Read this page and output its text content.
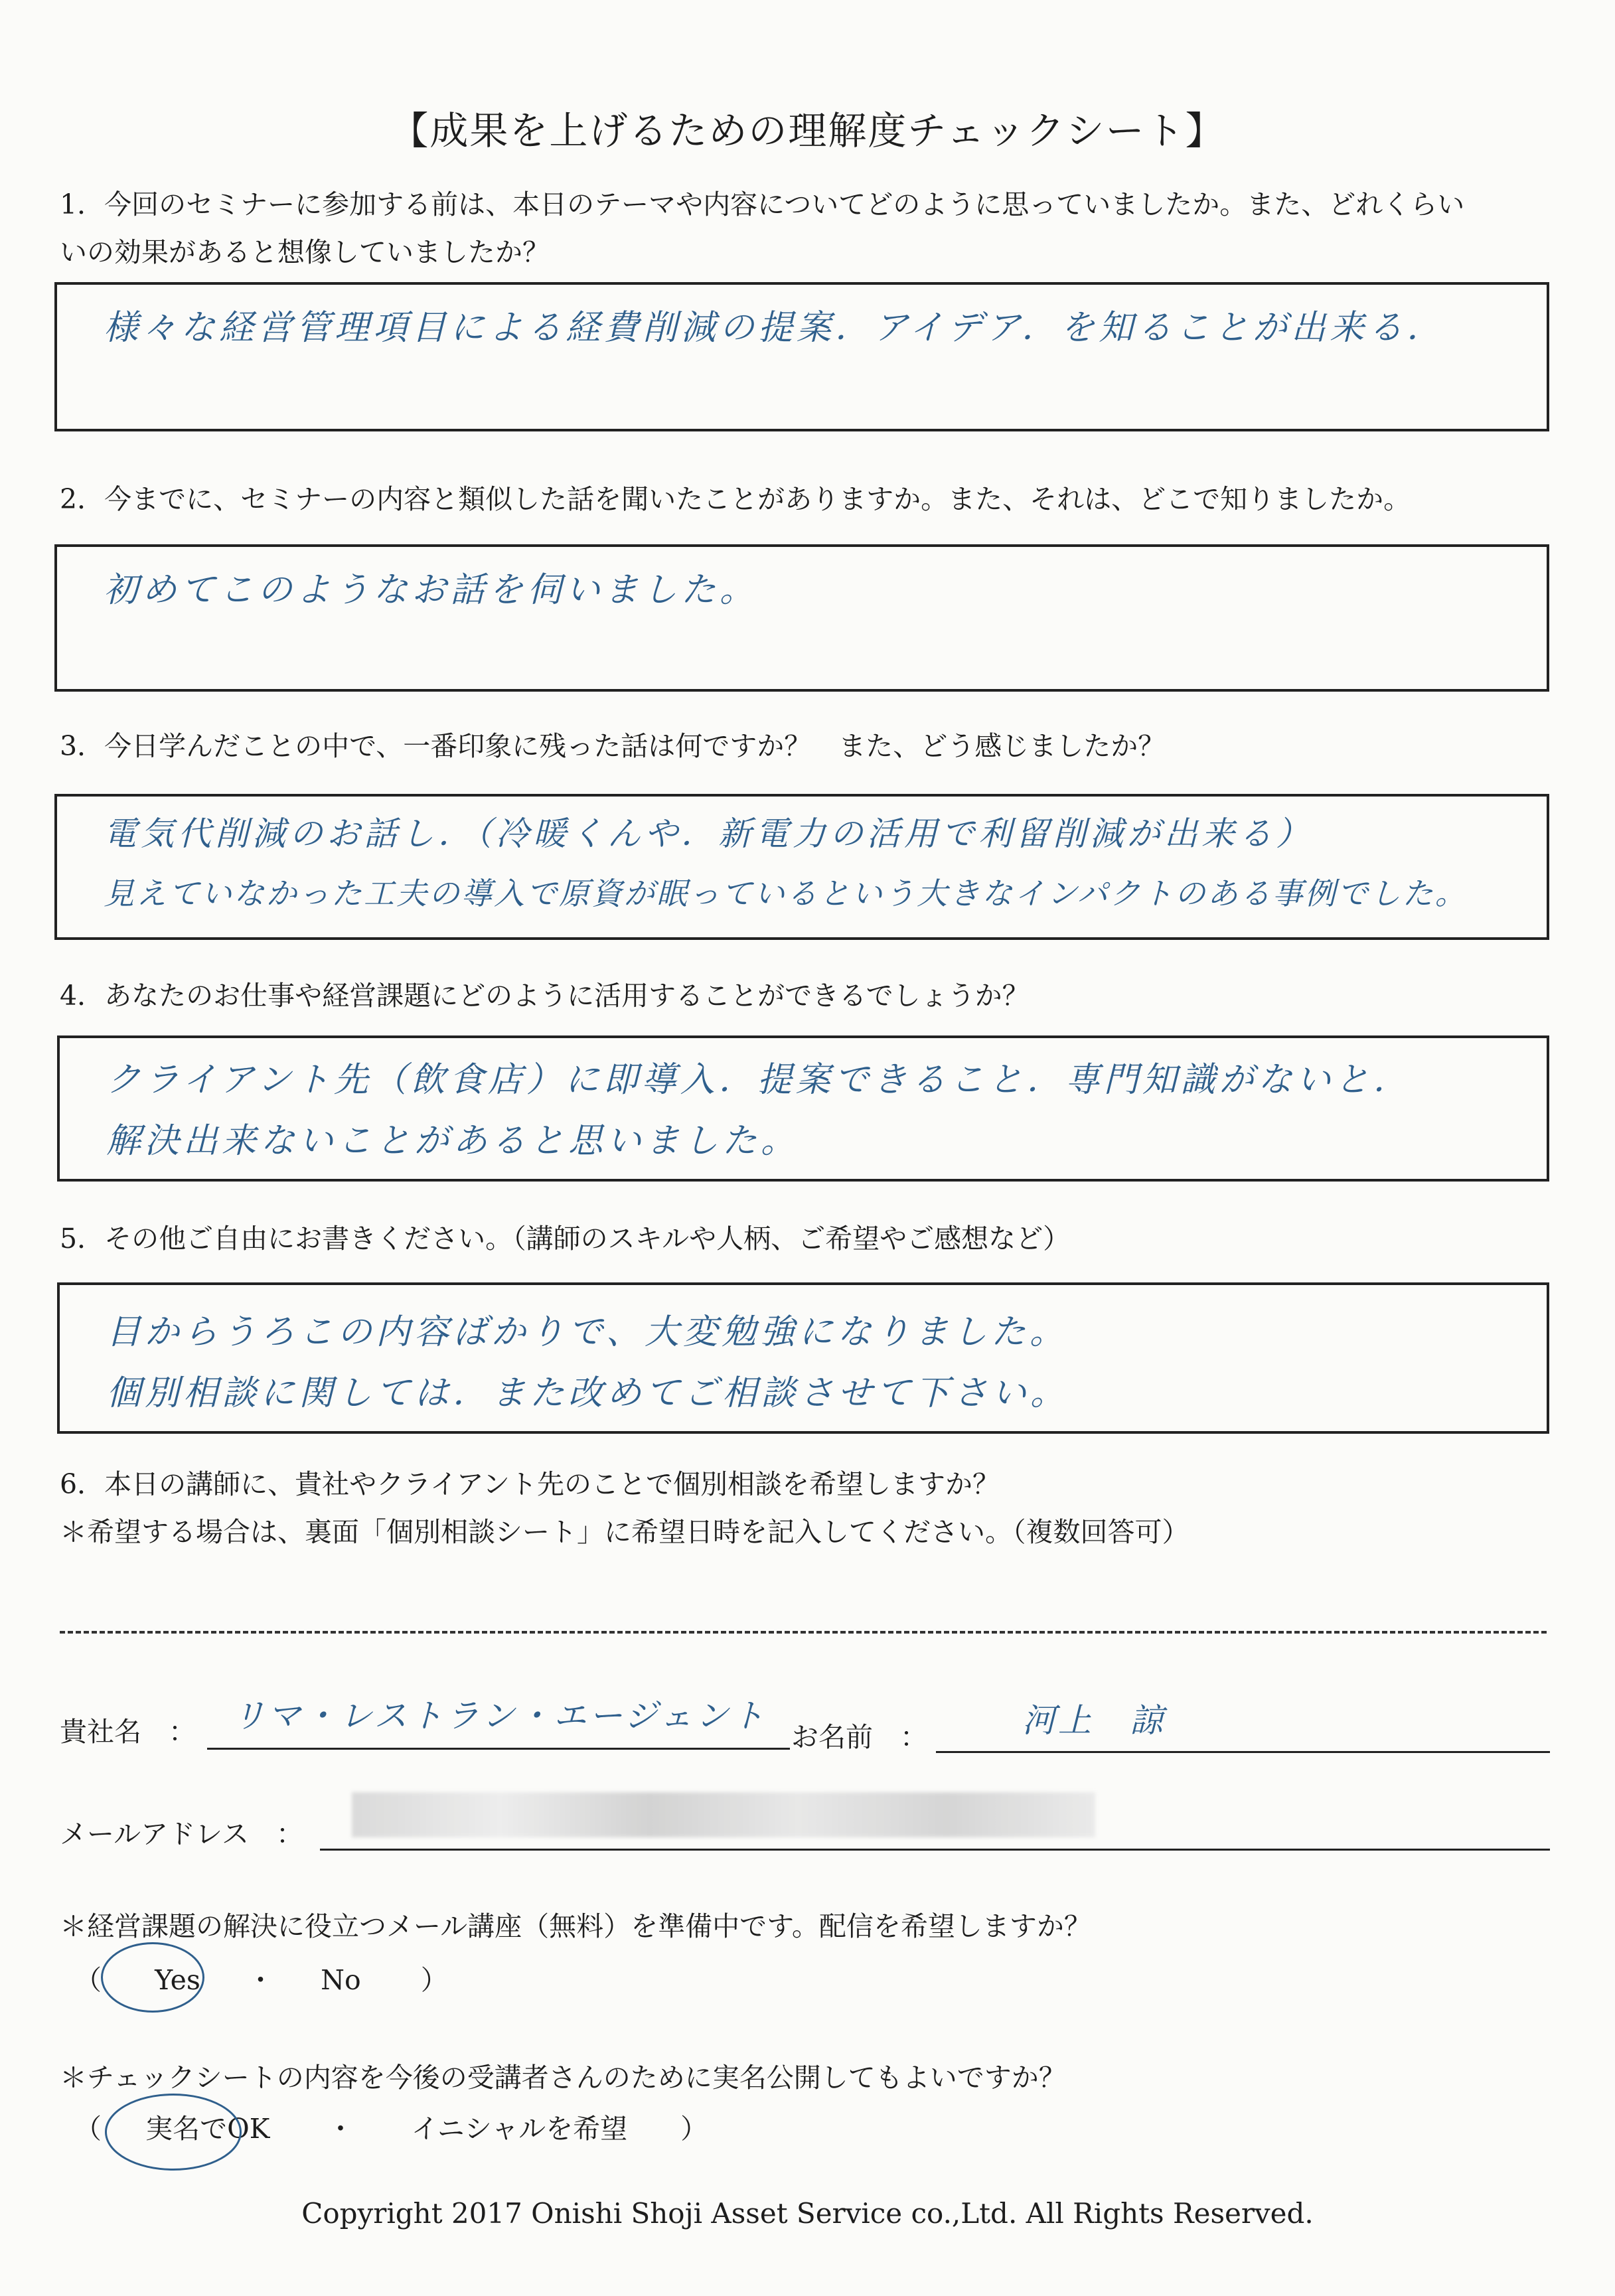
【成果を上げるための理解度チェックシート】
1．今回のセミナーに参加する前は、本日のテーマや内容についてどのように思っていましたか。また、どれくらい
いの効果があると想像していましたか？
様々な経営管理項目による経費削減の提案．アイデア．を知ることが出来る．
2．今までに、セミナーの内容と類似した話を聞いたことがありますか。また、それは、どこで知りましたか。
初めてこのようなお話を伺いました。
3．今日学んだことの中で、一番印象に残った話は何ですか？　また、どう感じましたか？
電気代削減のお話し．（冷暖くんや．新電力の活用で利留削減が出来る）
見えていなかった工夫の導入で原資が眠っているという大きなインパクトのある事例でした。
4．あなたのお仕事や経営課題にどのように活用することができるでしょうか？
クライアント先（飲食店）に即導入．提案できること．専門知識がないと．
解決出来ないことがあると思いました。
5．その他ご自由にお書きください。（講師のスキルや人柄、ご希望やご感想など）
目からうろこの内容ばかりで、大変勉強になりました。
個別相談に関しては．また改めてご相談させて下さい。
6．本日の講師に、貴社やクライアント先のことで個別相談を希望しますか？
＊希望する場合は、裏面「個別相談シート」に希望日時を記入してください。（複数回答可）
貴社名　： リマ・レストラン・エージェント
お名前　：	河上　諒
メールアドレス　：
＊経営課題の解決に役立つメール講座（無料）を準備中です。配信を希望しますか？
（ Yes ・ No ）
＊チェックシートの内容を今後の受講者さんのために実名公開してもよいですか？
（ 実名でOK ・ イニシャルを希望 ）
Copyright 2017 Onishi Shoji Asset Service co.,Ltd. All Rights Reserved.
